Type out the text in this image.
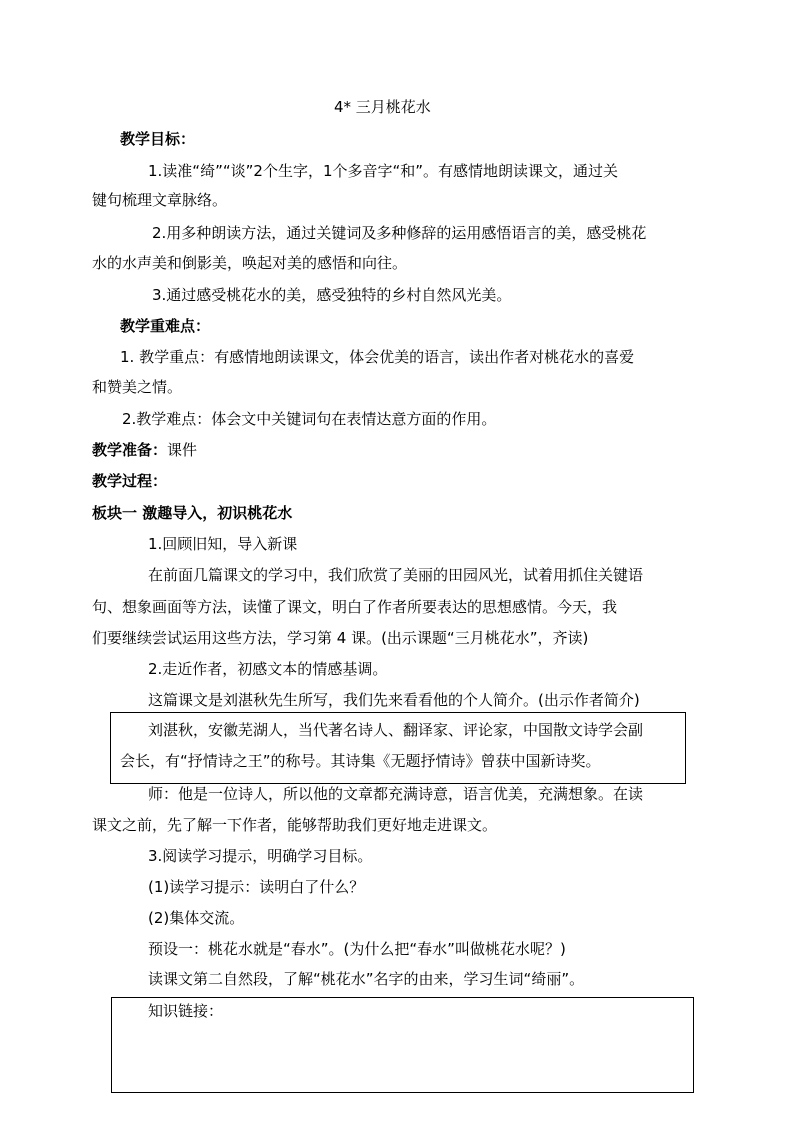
4* 三月桃花水
教学目标：
1.读准“绮”“谈”2个生字，1个多音字“和”。有感情地朗读课文，通过关
键句梳理文章脉络。
2.用多种朗读方法，通过关键词及多种修辞的运用感悟语言的美，感受桃花
水的水声美和倒影美，唤起对美的感悟和向往。
3.通过感受桃花水的美，感受独特的乡村自然风光美。
教学重难点：
1. 教学重点：有感情地朗读课文，体会优美的语言，读出作者对桃花水的喜爱
和赞美之情。
2.教学难点：体会文中关键词句在表情达意方面的作用。
教学准备：课件
教学过程：
板块一 激趣导入，初识桃花水
1.回顾旧知，导入新课
在前面几篇课文的学习中，我们欣赏了美丽的田园风光，试着用抓住关键语
句、想象画面等方法，读懂了课文，明白了作者所要表达的思想感情。今天，我
们要继续尝试运用这些方法，学习第 4 课。(出示课题“三月桃花水”，齐读)
2.走近作者，初感文本的情感基调。
这篇课文是刘湛秋先生所写，我们先来看看他的个人简介。(出示作者简介)
刘湛秋，安徽芜湖人，当代著名诗人、翻译家、评论家，中国散文诗学会副
会长，有“抒情诗之王”的称号。其诗集《无题抒情诗》曾获中国新诗奖。
师：他是一位诗人，所以他的文章都充满诗意，语言优美，充满想象。在读
课文之前，先了解一下作者，能够帮助我们更好地走进课文。
3.阅读学习提示，明确学习目标。
(1)读学习提示：读明白了什么？
(2)集体交流。
预设一：桃花水就是“春水”。(为什么把“春水”叫做桃花水呢？)
读课文第二自然段，了解“桃花水”名字的由来，学习生词“绮丽”。
知识链接：
